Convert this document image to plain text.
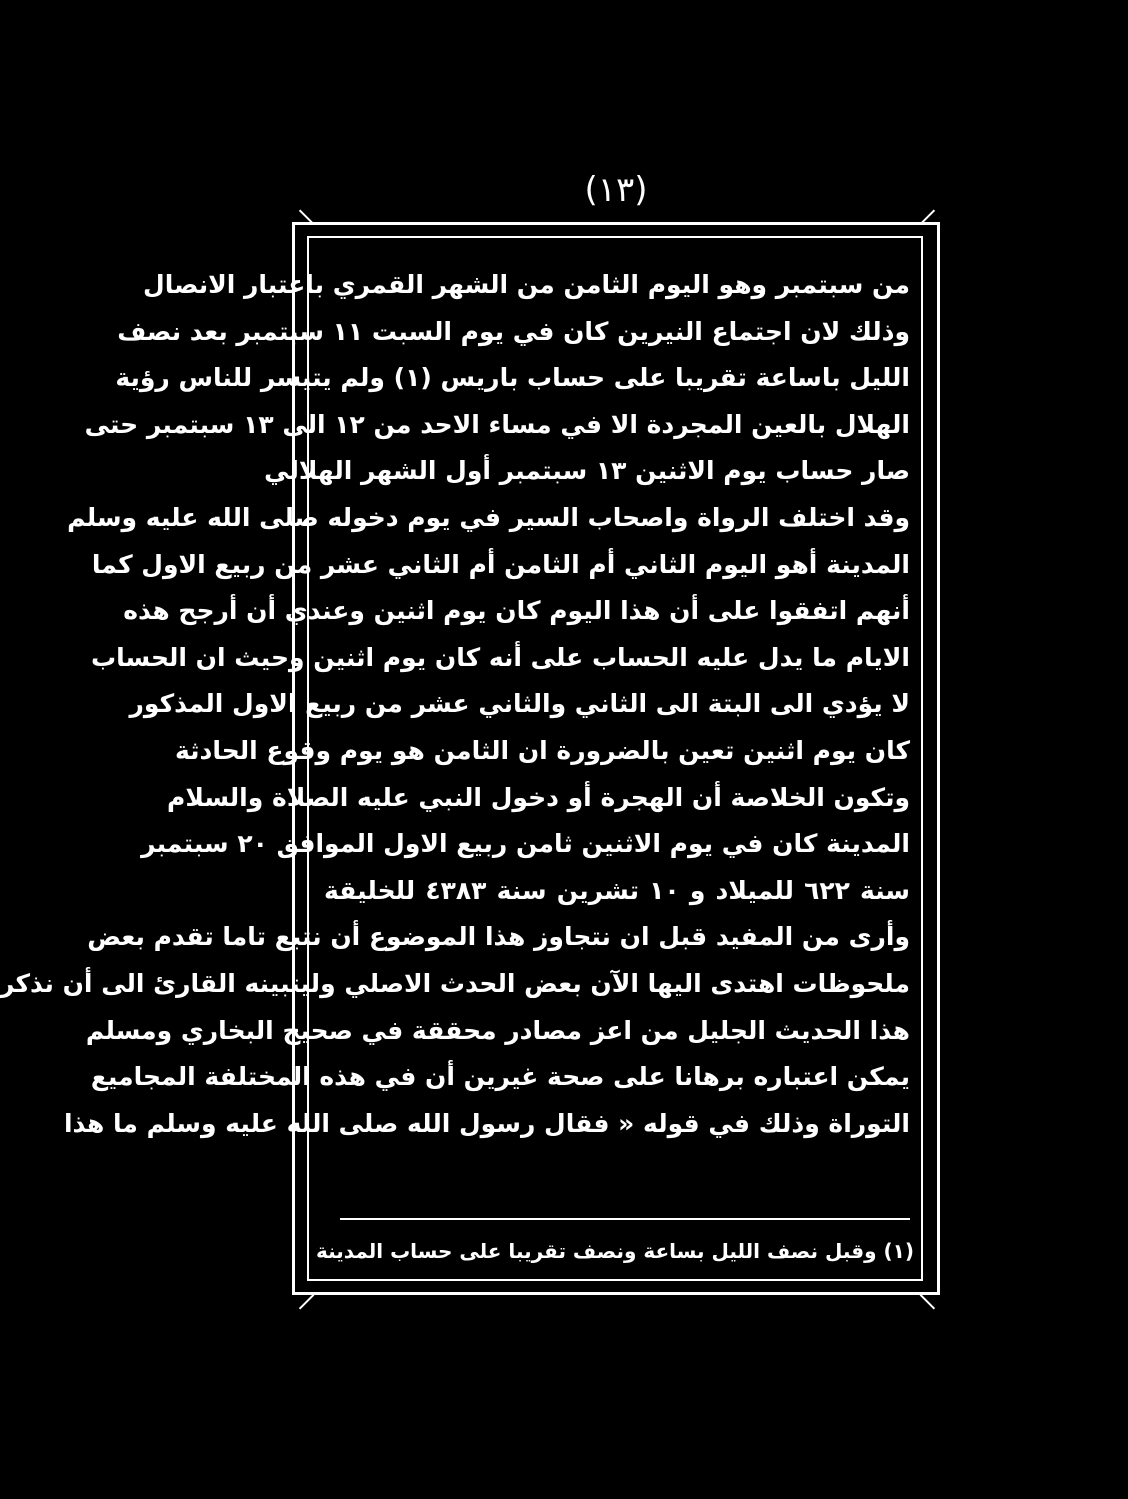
(١٣)
من سبتمبر وهو اليوم الثامن من الشهر القمري باعتبار الانصال
وذلك لان اجتماع النيرين كان في يوم السبت ١١ سبتمبر بعد نصف
الليل باساعة تقريبا على حساب باريس (١) ولم يتيسر للناس رؤية
الهلال بالعين المجردة الا في مساء الاحد من ١٢ الى ١٣ سبتمبر حتى
صار حساب يوم الاثنين ١٣ سبتمبر أول الشهر الهلالي
وقد اختلف الرواة واصحاب السير في يوم دخوله صلى الله عليه وسلم
المدينة أهو اليوم الثاني أم الثامن أم الثاني عشر من ربيع الاول كما
أنهم اتفقوا على أن هذا اليوم كان يوم اثنين وعندي أن أرجح هذه
الايام ما يدل عليه الحساب على أنه كان يوم اثنين وحيث ان الحساب
لا يؤدي الى البتة الى الثاني والثاني عشر من ربيع الاول المذكور
كان يوم اثنين تعين بالضرورة ان الثامن هو يوم وقوع الحادثة
وتكون الخلاصة أن الهجرة أو دخول النبي عليه الصلاة والسلام
المدينة كان في يوم الاثنين ثامن ربيع الاول الموافق ٢٠ سبتمبر
سنة ٦٢٢ للميلاد و ١٠ تشرين سنة ٤٣٨٣ للخليقة
وأرى من المفيد قبل ان نتجاوز هذا الموضوع أن نتبع تاما تقدم بعض
ملحوظات اهتدى اليها الآن بعض الحدث الاصلي وليتبينه القارئ الى أن نذكر
هذا الحديث الجليل من اعز مصادر محققة في صحيح البخاري ومسلم
يمكن اعتباره برهانا على صحة غيرين أن في هذه المختلفة المجاميع
التوراة وذلك في قوله « فقال رسول الله صلى الله عليه وسلم ما هذا
(١) وقبل نصف الليل بساعة ونصف تقريبا على حساب المدينة
